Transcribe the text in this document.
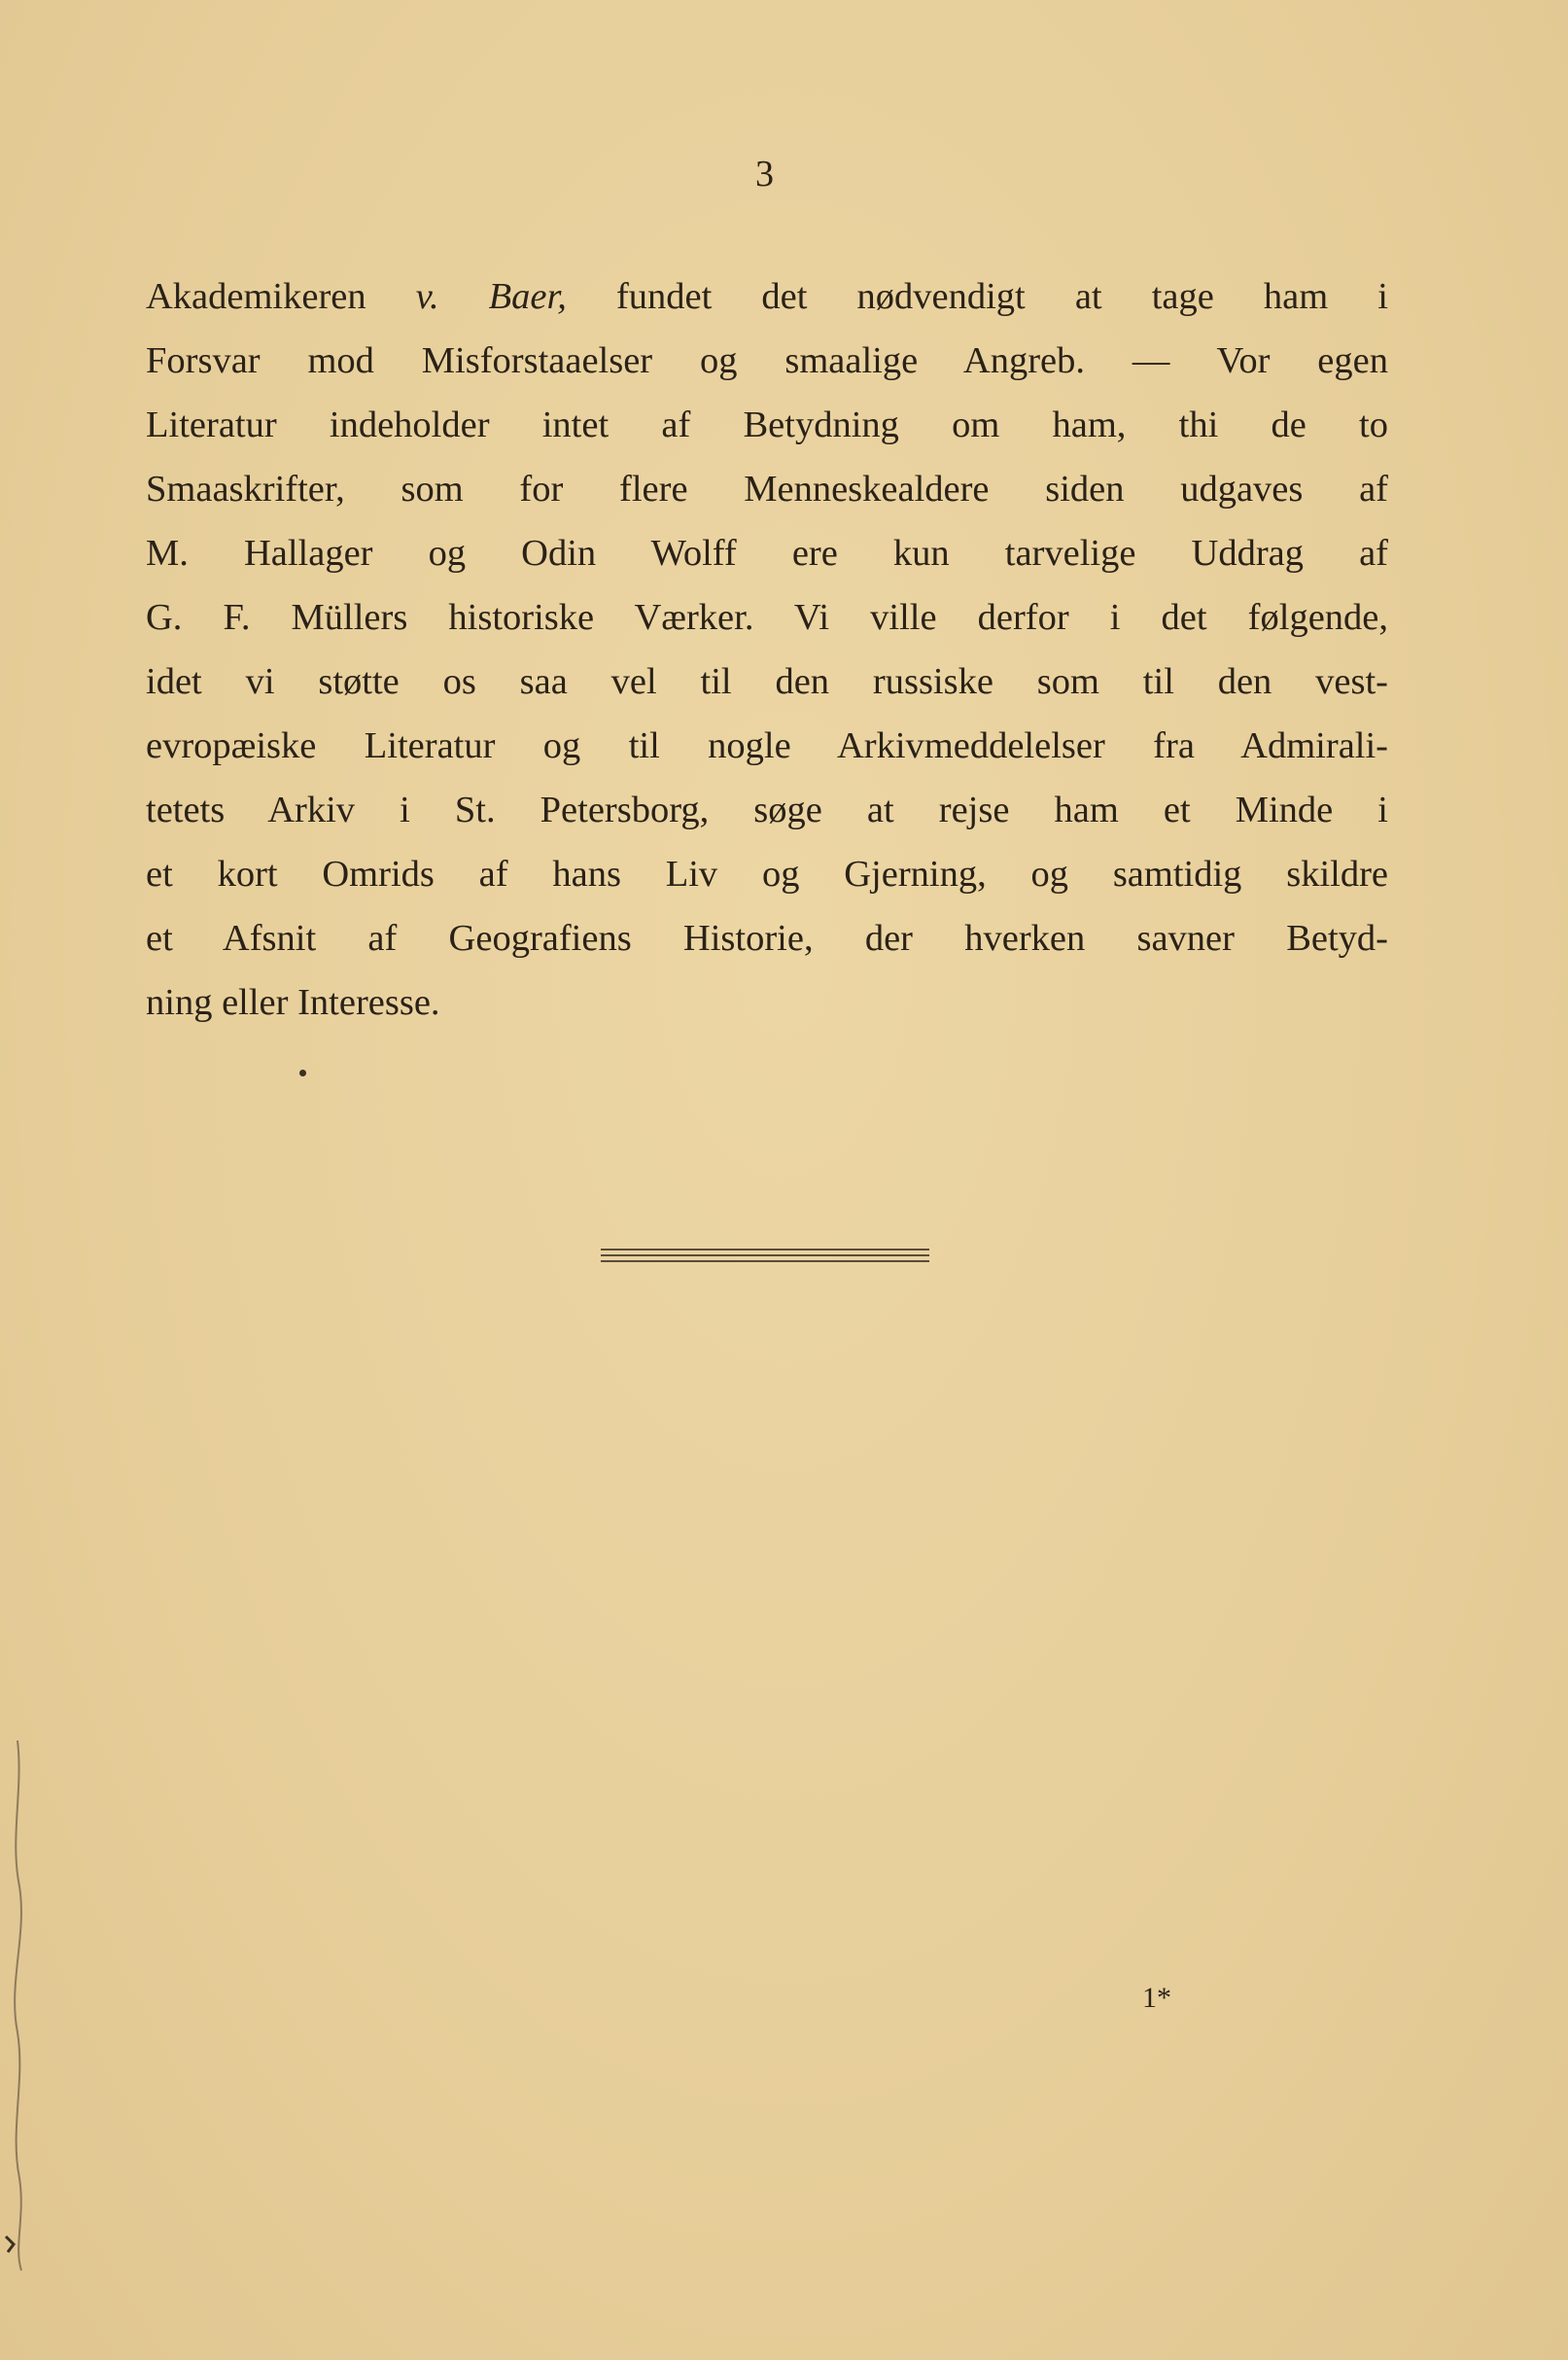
3
Akademikeren v. Baer, fundet det nødvendigt at tage ham i
Forsvar mod Misforstaaelser og smaalige Angreb. — Vor egen
Literatur indeholder intet af Betydning om ham, thi de to
Smaaskrifter, som for flere Menneskealdere siden udgaves af
M. Hallager og Odin Wolff ere kun tarvelige Uddrag af
G. F. Müllers historiske Værker. Vi ville derfor i det følgende,
idet vi støtte os saa vel til den russiske som til den vest-
evropæiske Literatur og til nogle Arkivmeddelelser fra Admirali-
tetets Arkiv i St. Petersborg, søge at rejse ham et Minde i
et kort Omrids af hans Liv og Gjerning, og samtidig skildre
et Afsnit af Geografiens Historie, der hverken savner Betyd-
ning eller Interesse.
1*
